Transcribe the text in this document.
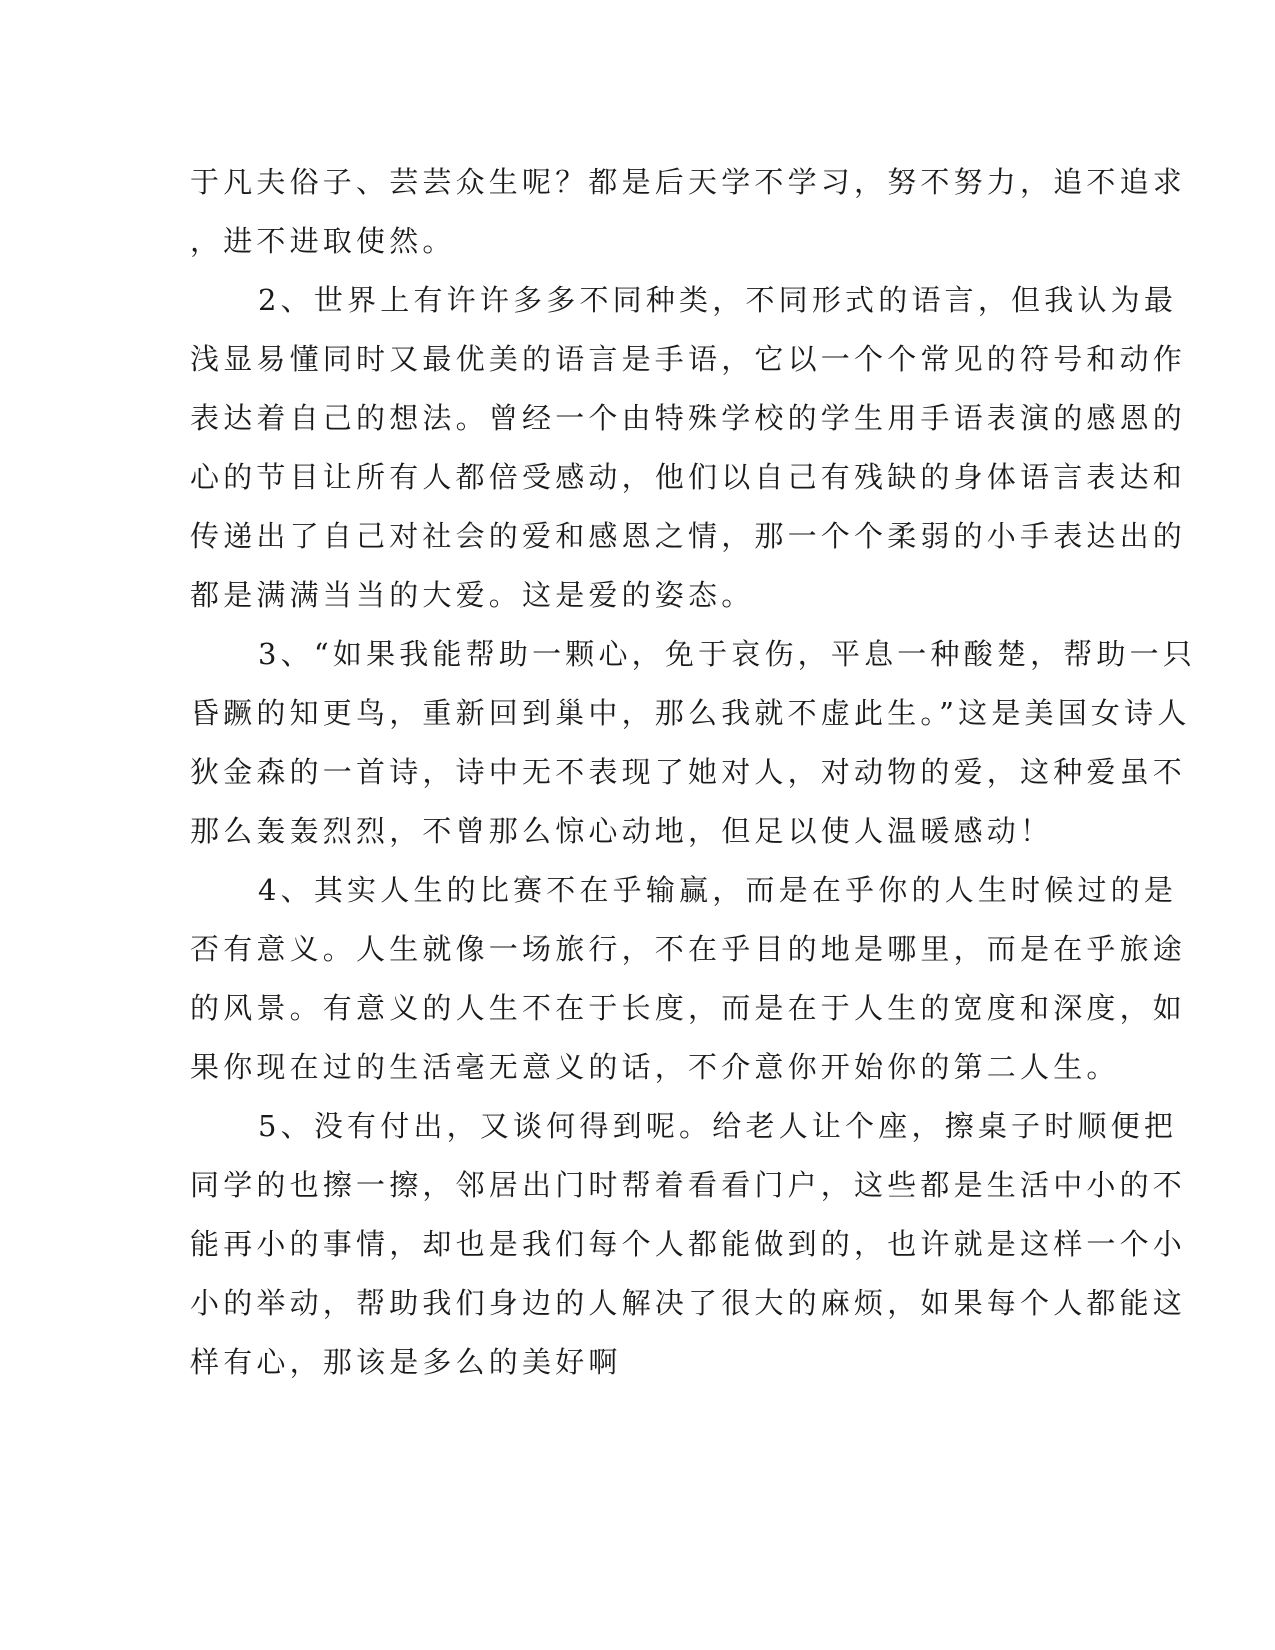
于凡夫俗子、芸芸众生呢？都是后天学不学习，努不努力，追不追求
，进不进取使然。
2、世界上有许许多多不同种类，不同形式的语言，但我认为最
浅显易懂同时又最优美的语言是手语，它以一个个常见的符号和动作
表达着自己的想法。曾经一个由特殊学校的学生用手语表演的感恩的
心的节目让所有人都倍受感动，他们以自己有残缺的身体语言表达和
传递出了自己对社会的爱和感恩之情，那一个个柔弱的小手表达出的
都是满满当当的大爱。这是爱的姿态。
3、“如果我能帮助一颗心，免于哀伤，平息一种酸楚，帮助一只
昏蹶的知更鸟，重新回到巢中，那么我就不虚此生。”这是美国女诗人
狄金森的一首诗，诗中无不表现了她对人，对动物的爱，这种爱虽不
那么轰轰烈烈，不曾那么惊心动地，但足以使人温暖感动！
4、其实人生的比赛不在乎输赢，而是在乎你的人生时候过的是
否有意义。人生就像一场旅行，不在乎目的地是哪里，而是在乎旅途
的风景。有意义的人生不在于长度，而是在于人生的宽度和深度，如
果你现在过的生活毫无意义的话，不介意你开始你的第二人生。
5、没有付出，又谈何得到呢。给老人让个座，擦桌子时顺便把
同学的也擦一擦，邻居出门时帮着看看门户，这些都是生活中小的不
能再小的事情，却也是我们每个人都能做到的，也许就是这样一个小
小的举动，帮助我们身边的人解决了很大的麻烦，如果每个人都能这
样有心，那该是多么的美好啊
